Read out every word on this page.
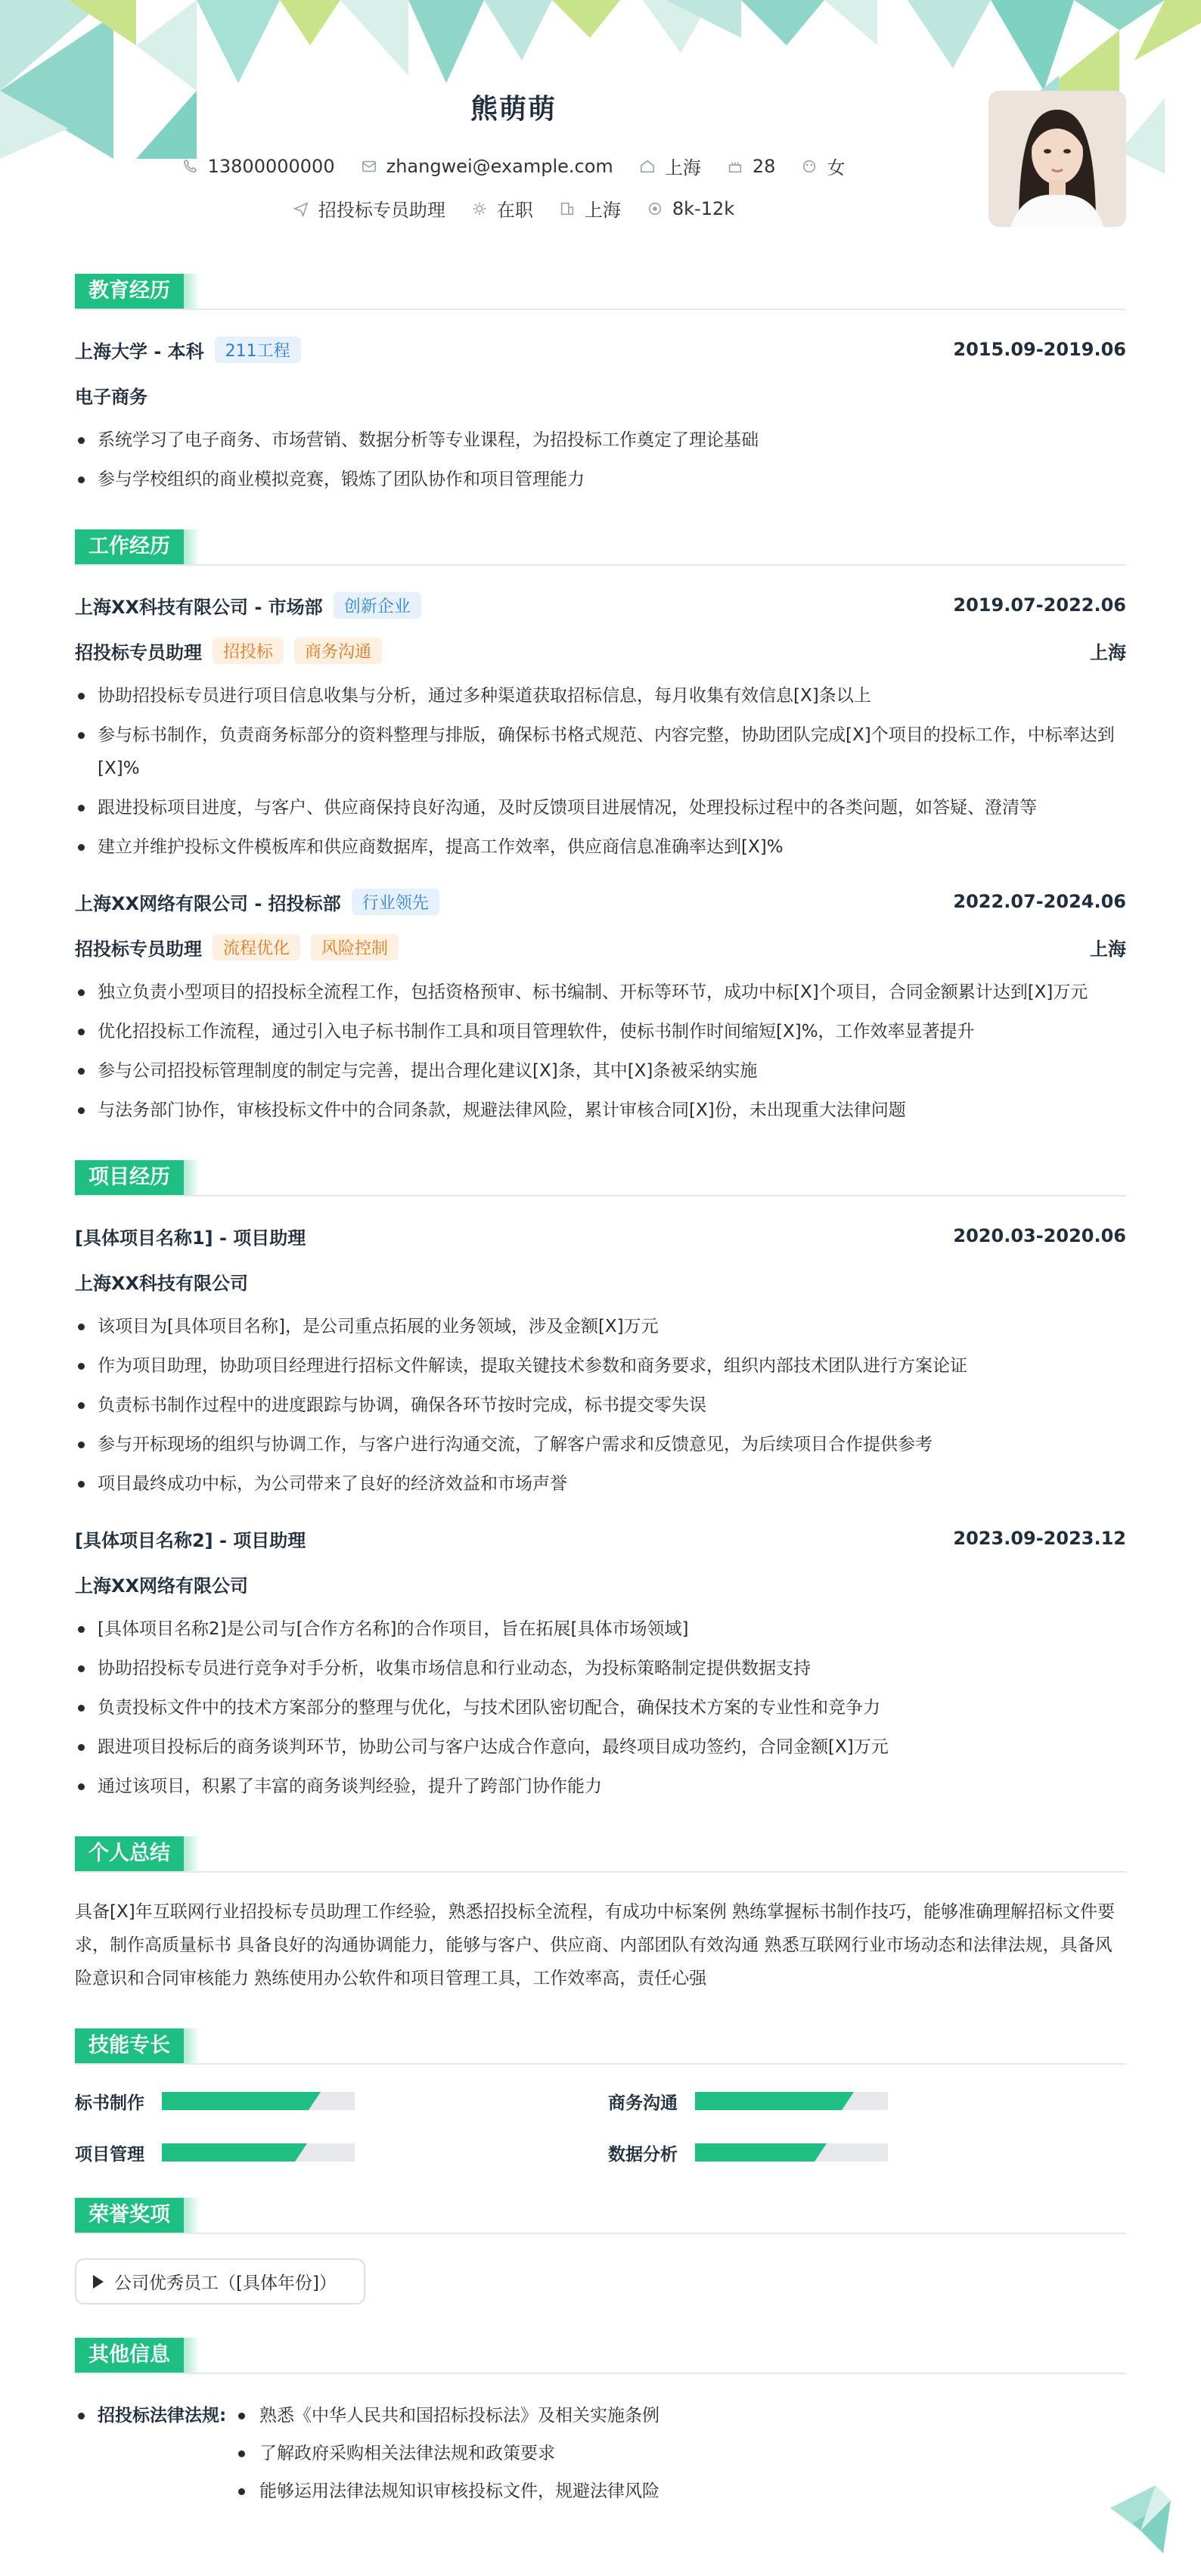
熊萌萌
13800000000	zhangwei@example.com	上海	28	女
招投标专员助理	在职	上海	8k-12k
教育经历
上海大学 - 本科	211工程	2015.09-2019.06
电子商务
系统学习了电子商务、市场营销、数据分析等专业课程，为招投标工作奠定了理论基础
参与学校组织的商业模拟竞赛，锻炼了团队协作和项目管理能力
工作经历
上海XX科技有限公司 - 市场部	创新企业	2019.07-2022.06
招投标专员助理	招投标	商务沟通	上海
协助招投标专员进行项目信息收集与分析，通过多种渠道获取招标信息，每月收集有效信息[X]条以上
参与标书制作，负责商务标部分的资料整理与排版，确保标书格式规范、内容完整，协助团队完成[X]个项目的投标工作，中标率达到[X]%
跟进投标项目进度，与客户、供应商保持良好沟通，及时反馈项目进展情况，处理投标过程中的各类问题，如答疑、澄清等
建立并维护投标文件模板库和供应商数据库，提高工作效率，供应商信息准确率达到[X]%
上海XX网络有限公司 - 招投标部	行业领先	2022.07-2024.06
招投标专员助理	流程优化	风险控制	上海
独立负责小型项目的招投标全流程工作，包括资格预审、标书编制、开标等环节，成功中标[X]个项目，合同金额累计达到[X]万元
优化招投标工作流程，通过引入电子标书制作工具和项目管理软件，使标书制作时间缩短[X]%，工作效率显著提升
参与公司招投标管理制度的制定与完善，提出合理化建议[X]条，其中[X]条被采纳实施
与法务部门协作，审核投标文件中的合同条款，规避法律风险，累计审核合同[X]份，未出现重大法律问题
项目经历
[具体项目名称1] - 项目助理	2020.03-2020.06
上海XX科技有限公司
该项目为[具体项目名称]，是公司重点拓展的业务领域，涉及金额[X]万元
作为项目助理，协助项目经理进行招标文件解读，提取关键技术参数和商务要求，组织内部技术团队进行方案论证
负责标书制作过程中的进度跟踪与协调，确保各环节按时完成，标书提交零失误
参与开标现场的组织与协调工作，与客户进行沟通交流，了解客户需求和反馈意见，为后续项目合作提供参考
项目最终成功中标，为公司带来了良好的经济效益和市场声誉
[具体项目名称2] - 项目助理	2023.09-2023.12
上海XX网络有限公司
[具体项目名称2]是公司与[合作方名称]的合作项目，旨在拓展[具体市场领域]
协助招投标专员进行竞争对手分析，收集市场信息和行业动态，为投标策略制定提供数据支持
负责投标文件中的技术方案部分的整理与优化，与技术团队密切配合，确保技术方案的专业性和竞争力
跟进项目投标后的商务谈判环节，协助公司与客户达成合作意向，最终项目成功签约，合同金额[X]万元
通过该项目，积累了丰富的商务谈判经验，提升了跨部门协作能力
个人总结
具备[X]年互联网行业招投标专员助理工作经验，熟悉招投标全流程，有成功中标案例 熟练掌握标书制作技巧，能够准确理解招标文件要求，制作高质量标书 具备良好的沟通协调能力，能够与客户、供应商、内部团队有效沟通 熟悉互联网行业市场动态和法律法规，具备风险意识和合同审核能力 熟练使用办公软件和项目管理工具，工作效率高，责任心强
技能专长
标书制作	商务沟通
项目管理	数据分析
荣誉奖项
公司优秀员工（[具体年份]）
其他信息
招投标法律法规:	熟悉《中华人民共和国招标投标法》及相关实施条例
了解政府采购相关法律法规和政策要求
能够运用法律法规知识审核投标文件，规避法律风险
